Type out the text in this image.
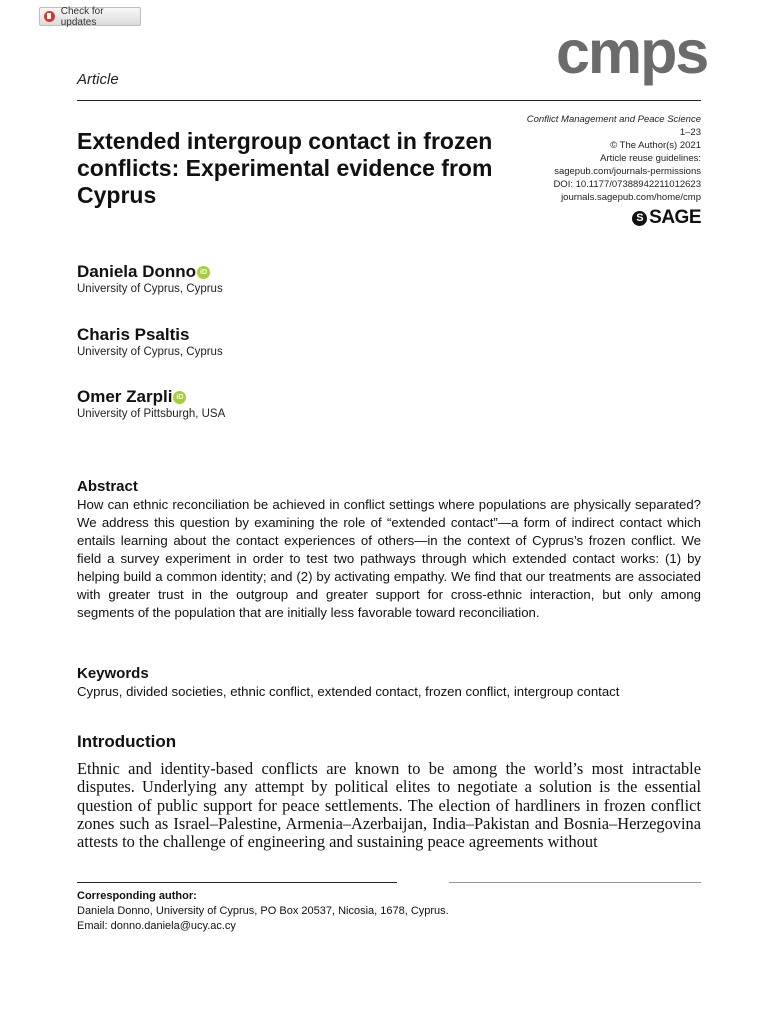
Check for updates
Article	cmps
Conflict Management and Peace Science
1–23
© The Author(s) 2021
Article reuse guidelines:
sagepub.com/journals-permissions
DOI: 10.1177/07388942211012623
journals.sagepub.com/home/cmp
S SAGE
Extended intergroup contact in frozen conflicts: Experimental evidence from Cyprus
Daniela Donno iD
University of Cyprus, Cyprus
Charis Psaltis
University of Cyprus, Cyprus
Omer Zarpli iD
University of Pittsburgh, USA
Abstract
How can ethnic reconciliation be achieved in conflict settings where populations are physically separated? We address this question by examining the role of “extended contact”—a form of indirect contact which entails learning about the contact experiences of others—in the context of Cyprus’s frozen conflict. We field a survey experiment in order to test two pathways through which extended contact works: (1) by helping build a common identity; and (2) by activating empathy. We find that our treatments are associated with greater trust in the outgroup and greater support for cross-ethnic interaction, but only among segments of the population that are initially less favorable toward reconciliation.
Keywords
Cyprus, divided societies, ethnic conflict, extended contact, frozen conflict, intergroup contact
Introduction
Ethnic and identity-based conflicts are known to be among the world’s most intractable disputes. Underlying any attempt by political elites to negotiate a solution is the essential question of public support for peace settlements. The election of hardliners in frozen conflict zones such as Israel–Palestine, Armenia–Azerbaijan, India–Pakistan and Bosnia–Herzegovina attests to the challenge of engineering and sustaining peace agreements without
Corresponding author:
Daniela Donno, University of Cyprus, PO Box 20537, Nicosia, 1678, Cyprus.
Email: donno.daniela@ucy.ac.cy
